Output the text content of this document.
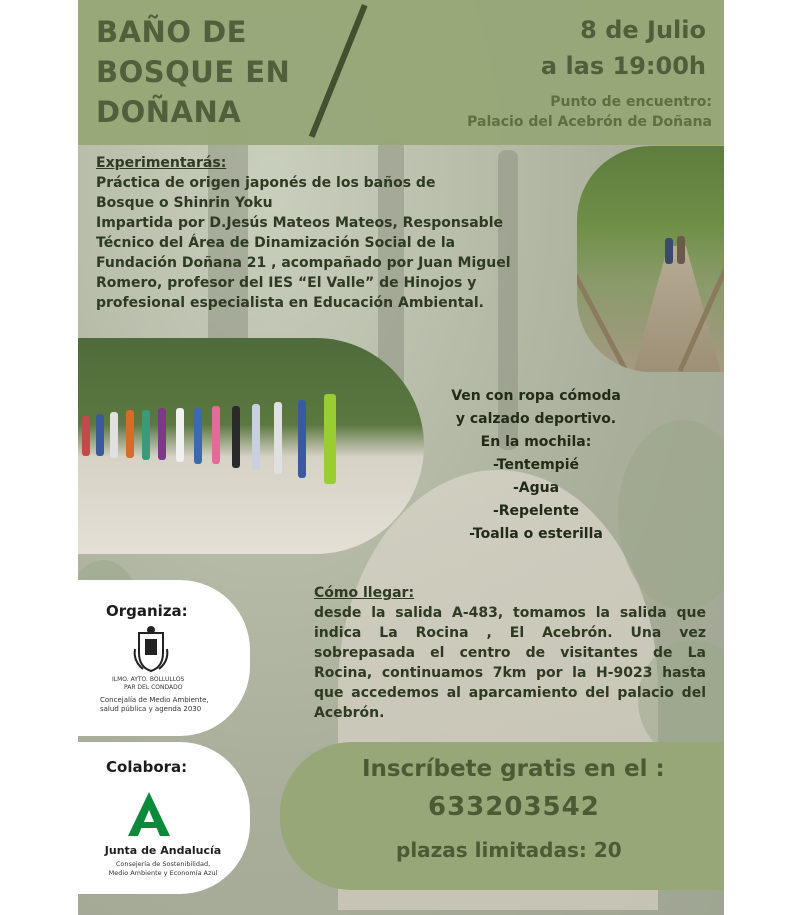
BAÑO DE
BOSQUE EN
DOÑANA
8 de Julio
a las 19:00h
Punto de encuentro:
Palacio del Acebrón de Doñana
Experimentarás:
Práctica de origen japonés de los baños de
Bosque o Shinrin Yoku
Impartida por D.Jesús Mateos Mateos, Responsable
Técnico del Área de Dinamización Social de la
Fundación Doñana 21 , acompañado por Juan Miguel
Romero, profesor del IES “El Valle” de Hinojos y
profesional especialista en Educación Ambiental.
Ven con ropa cómoda
y calzado deportivo.
En la mochila:
-Tentempié
-Agua
-Repelente
-Toalla o esterilla
Organiza:
ILMO. AYTO. BOLLULLOS
PAR DEL CONDADO
Concejalía de Medio Ambiente,
salud pública y agenda 2030
Colabora:
Junta de Andalucía
Consejería de Sostenibilidad,
Medio Ambiente y Economía Azul
Cómo llegar:
desde la salida A-483, tomamos la salida que indica La Rocina , El Acebrón. Una vez sobrepasada el centro de visitantes de La Rocina, continuamos 7km por la H-9023 hasta que accedemos al aparcamiento del palacio del Acebrón.
Inscríbete gratis en el :
633203542
plazas limitadas: 20
